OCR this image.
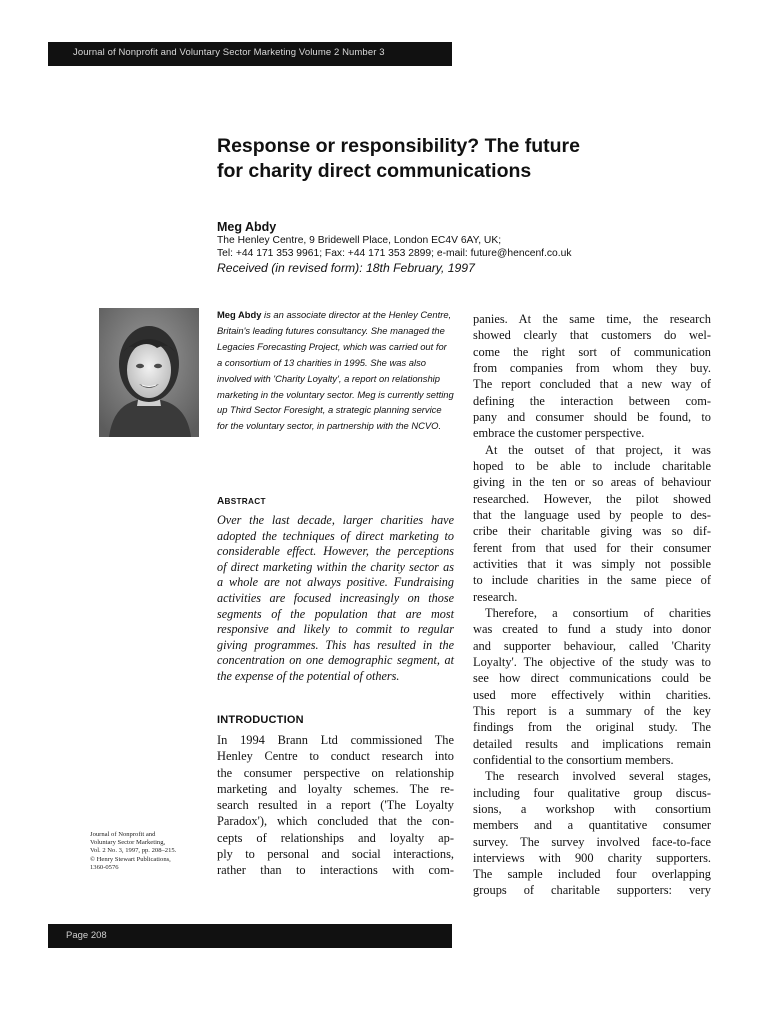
Journal of Nonprofit and Voluntary Sector Marketing Volume 2 Number 3
Response or responsibility? The future
for charity direct communications
Meg Abdy
The Henley Centre, 9 Bridewell Place, London EC4V 6AY, UK;
Tel: +44 171 353 9961; Fax: +44 171 353 2899; e-mail: future@hencenf.co.uk
Received (in revised form): 18th February, 1997
Meg Abdy is an associate director at the Henley Centre, Britain's leading futures consultancy. She managed the Legacies Forecasting Project, which was carried out for a consortium of 13 charities in 1995. She was also involved with 'Charity Loyalty', a report on relationship marketing in the voluntary sector. Meg is currently setting up Third Sector Foresight, a strategic planning service for the voluntary sector, in partnership with the NCVO.
ABSTRACT
Over the last decade, larger charities have
adopted the techniques of direct marketing to
considerable effect. However, the perceptions
of direct marketing within the charity sector as
a whole are not always positive. Fundraising
activities are focused increasingly on those
segments of the population that are most
responsive and likely to commit to regular
giving programmes. This has resulted in the
concentration on one demographic segment, at
the expense of the potential of others.
INTRODUCTION
In 1994 Brann Ltd commissioned The
Henley Centre to conduct research into
the consumer perspective on relationship
marketing and loyalty schemes. The re-
search resulted in a report ('The Loyalty
Paradox'), which concluded that the con-
cepts of relationships and loyalty ap-
ply to personal and social interactions,
rather than to interactions with com-
panies. At the same time, the research
showed clearly that customers do wel-
come the right sort of communication
from companies from whom they buy.
The report concluded that a new way of
defining the interaction between com-
pany and consumer should be found, to
embrace the customer perspective.
At the outset of that project, it was
hoped to be able to include charitable
giving in the ten or so areas of behaviour
researched. However, the pilot showed
that the language used by people to des-
cribe their charitable giving was so dif-
ferent from that used for their consumer
activities that it was simply not possible
to include charities in the same piece of
research.
Therefore, a consortium of charities
was created to fund a study into donor
and supporter behaviour, called 'Charity
Loyalty'. The objective of the study was to
see how direct communications could be
used more effectively within charities.
This report is a summary of the key
findings from the original study. The
detailed results and implications remain
confidential to the consortium members.
The research involved several stages,
including four qualitative group discus-
sions, a workshop with consortium
members and a quantitative consumer
survey. The survey involved face-to-face
interviews with 900 charity supporters.
The sample included four overlapping
groups of charitable supporters: very
Journal of Nonprofit and
Voluntary Sector Marketing,
Vol. 2 No. 3, 1997, pp. 208–215.
© Henry Stewart Publications,
1360-0576
Page 208
